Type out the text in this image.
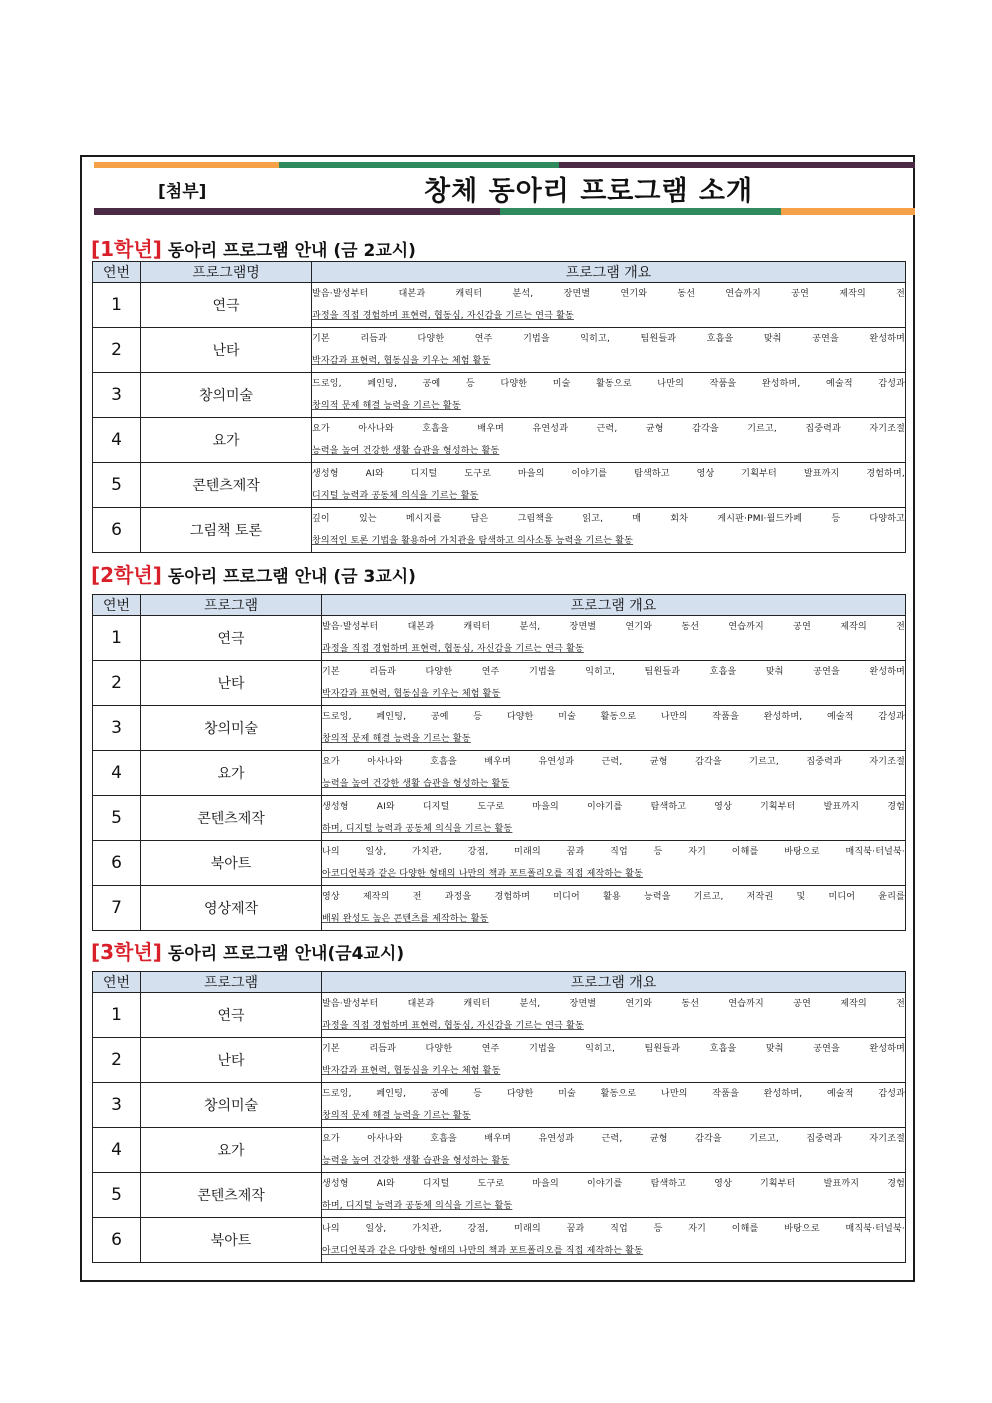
[첨부]	창체 동아리 프로그램 소개
[1학년] 동아리 프로그램 안내 (금 2교시)
연번	프로그램명	프로그램 개요
1	연극	발음·발성부터 대본과 캐릭터 분석, 장면별 연기와 동선 연습까지 공연 제작의 전
과정을 직접 경험하며 표현력, 협동심, 자신감을 기르는 연극 활동

2	난타	기본 리듬과 다양한 연주 기법을 익히고, 팀원들과 호흡을 맞춰 공연을 완성하며
박자감과 표현력, 협동심을 키우는 체험 활동

3	창의미술	드로잉, 페인팅, 공예 등 다양한 미술 활동으로 나만의 작품을 완성하며, 예술적 감성과
창의적 문제 해결 능력을 기르는 활동

4	요가	요가 아사나와 호흡을 배우며 유연성과 근력, 균형 감각을 기르고, 집중력과 자기조절
능력을 높여 건강한 생활 습관을 형성하는 활동

5	콘텐츠제작	생성형 AI와 디지털 도구로 마을의 이야기를 탐색하고 영상 기획부터 발표까지 경험하며,
디지털 능력과 공동체 의식을 기르는 활동

6	그림책 토론	깊이 있는 메시지를 담은 그림책을 읽고, 매 회차 게시판·PMI·월드카페 등 다양하고
창의적인 토론 기법을 활용하여 가치관을 탐색하고 의사소통 능력을 기르는 활동
[2학년] 동아리 프로그램 안내 (금 3교시)
연번	프로그램	프로그램 개요
1	연극	발음·발성부터 대본과 캐릭터 분석, 장면별 연기와 동선 연습까지 공연 제작의 전
과정을 직접 경험하며 표현력, 협동심, 자신감을 기르는 연극 활동

2	난타	기본 리듬과 다양한 연주 기법을 익히고, 팀원들과 호흡을 맞춰 공연을 완성하며
박자감과 표현력, 협동심을 키우는 체험 활동

3	창의미술	드로잉, 페인팅, 공예 등 다양한 미술 활동으로 나만의 작품을 완성하며, 예술적 감성과
창의적 문제 해결 능력을 기르는 활동

4	요가	요가 아사나와 호흡을 배우며 유연성과 근력, 균형 감각을 기르고, 집중력과 자기조절
능력을 높여 건강한 생활 습관을 형성하는 활동

5	콘텐츠제작	생성형 AI와 디지털 도구로 마을의 이야기를 탐색하고 영상 기획부터 발표까지 경험
하며, 디지털 능력과 공동체 의식을 기르는 활동

6	북아트	나의 일상, 가치관, 강점, 미래의 꿈과 직업 등 자기 이해를 바탕으로 매직북·터널북·
아코디언북과 같은 다양한 형태의 나만의 책과 포트폴리오를 직접 제작하는 활동

7	영상제작	영상 제작의 전 과정을 경험하며 미디어 활용 능력을 기르고, 저작권 및 미디어 윤리를
배워 완성도 높은 콘텐츠를 제작하는 활동
[3학년] 동아리 프로그램 안내(금4교시)
연번	프로그램	프로그램 개요
1	연극	발음·발성부터 대본과 캐릭터 분석, 장면별 연기와 동선 연습까지 공연 제작의 전
과정을 직접 경험하며 표현력, 협동심, 자신감을 기르는 연극 활동

2	난타	기본 리듬과 다양한 연주 기법을 익히고, 팀원들과 호흡을 맞춰 공연을 완성하며
박자감과 표현력, 협동심을 키우는 체험 활동

3	창의미술	드로잉, 페인팅, 공예 등 다양한 미술 활동으로 나만의 작품을 완성하며, 예술적 감성과
창의적 문제 해결 능력을 기르는 활동

4	요가	요가 아사나와 호흡을 배우며 유연성과 근력, 균형 감각을 기르고, 집중력과 자기조절
능력을 높여 건강한 생활 습관을 형성하는 활동

5	콘텐츠제작	생성형 AI와 디지털 도구로 마을의 이야기를 탐색하고 영상 기획부터 발표까지 경험
하며, 디지털 능력과 공동체 의식을 기르는 활동

6	북아트	나의 일상, 가치관, 강점, 미래의 꿈과 직업 등 자기 이해를 바탕으로 매직북·터널북·
아코디언북과 같은 다양한 형태의 나만의 책과 포트폴리오를 직접 제작하는 활동
